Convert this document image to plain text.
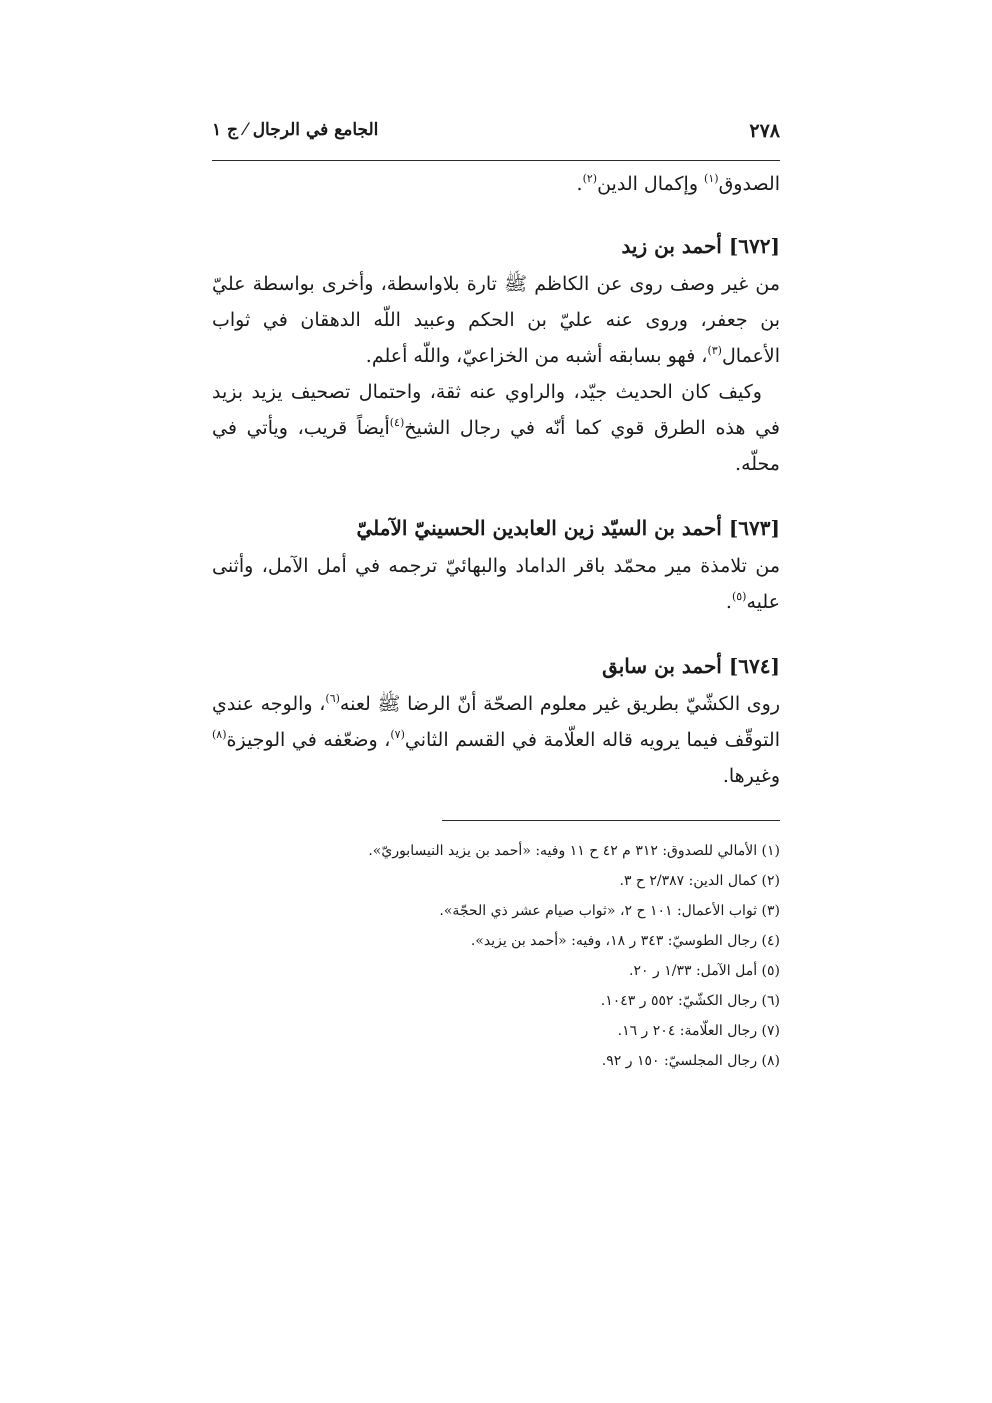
٢٧٨
الجامع في الرجال ⁄ ج ١

الصدوق$^{(١)}$ وإكمال الدين$^{(٢)}$.

[٦٧٢] أحمد بن زيد

من غير وصف روى عن الكاظم ﷺ تارة بلاواسطة، وأخرى بواسطة عليّ بن جعفر، وروى عنه عليّ بن الحكم وعبيد اللّه الدهقان في ثواب الأعمال$^{(٣)}$، فهو بسابقه أشبه من الخزاعيّ، واللّه أعلم.

وكيف كان الحديث جيّد، والراوي عنه ثقة، واحتمال تصحيف يزيد بزيد في هذه الطرق قوي كما أنّه في رجال الشيخ$^{(٤)}$أيضاً قريب، ويأتي في محلّه.

[٦٧٣] أحمد بن السيّد زين العابدين الحسينيّ الآمليّ

من تلامذة مير محمّد باقر الداماد والبهائيّ ترجمه في أمل الآمل، وأثنى عليه$^{(٥)}$.

[٦٧٤] أحمد بن سابق

روى الكشّيّ بطريق غير معلوم الصحّة أنّ الرضا ﷺ لعنه$^{(٦)}$، والوجه عندي التوقّف فيما يرويه قاله العلّامة في القسم الثاني$^{(٧)}$، وضعّفه في الوجيزة$^{(٨)}$ وغيرها.

(١) الأمالي للصدوق: ٣١٢ م ٤٢ ح ١١ وفيه: «أحمد بن يزيد النيسابوريّ».
(٢) كمال الدين: ٢/٣٨٧ ح ٣.
(٣) ثواب الأعمال: ١٠١ ح ٢، «ثواب صيام عشر ذي الحجّة».
(٤) رجال الطوسيّ: ٣٤٣ ر ١٨، وفيه: «أحمد بن يزيد».
(٥) أمل الآمل: ١/٣٣ ر ٢٠.
(٦) رجال الكشّيّ: ٥٥٢ ر ١٠٤٣.
(٧) رجال العلّامة: ٢٠٤ ر ١٦.
(٨) رجال المجلسيّ: ١٥٠ ر ٩٢.
